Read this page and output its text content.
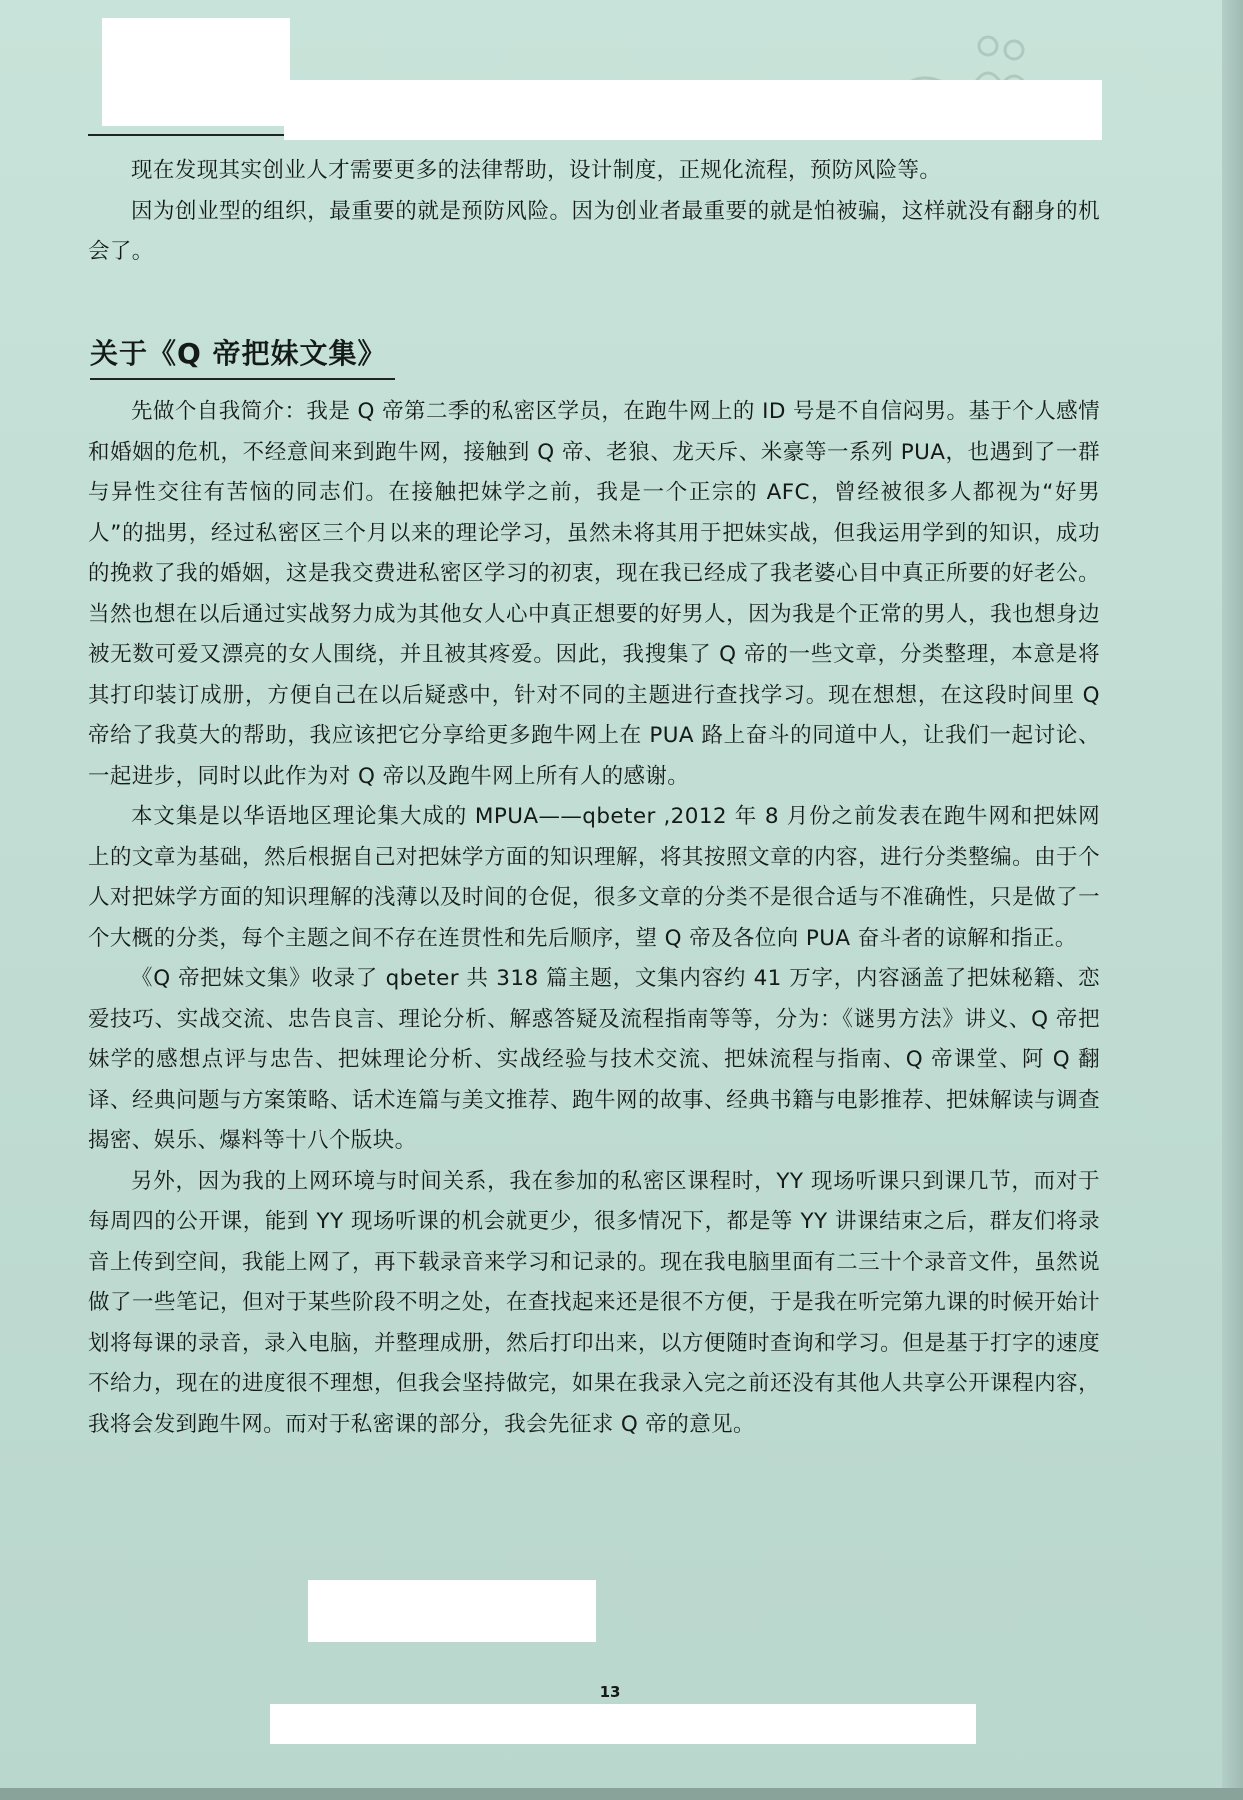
现在发现其实创业人才需要更多的法律帮助，设计制度，正规化流程，预防风险等。

因为创业型的组织，最重要的就是预防风险。因为创业者最重要的就是怕被骗，这样就没有翻身的机会了。

关于《Q 帝把妹文集》

先做个自我简介：我是 Q 帝第二季的私密区学员，在跑牛网上的 ID 号是不自信闷男。基于个人感情和婚姻的危机，不经意间来到跑牛网，接触到 Q 帝、老狼、龙天斥、米豪等一系列 PUA，也遇到了一群与异性交往有苦恼的同志们。在接触把妹学之前，我是一个正宗的 AFC，曾经被很多人都视为“好男人”的拙男，经过私密区三个月以来的理论学习，虽然未将其用于把妹实战，但我运用学到的知识，成功的挽救了我的婚姻，这是我交费进私密区学习的初衷，现在我已经成了我老婆心目中真正所要的好老公。当然也想在以后通过实战努力成为其他女人心中真正想要的好男人，因为我是个正常的男人，我也想身边被无数可爱又漂亮的女人围绕，并且被其疼爱。因此，我搜集了 Q 帝的一些文章，分类整理，本意是将其打印装订成册，方便自己在以后疑惑中，针对不同的主题进行查找学习。现在想想，在这段时间里 Q 帝给了我莫大的帮助，我应该把它分享给更多跑牛网上在 PUA 路上奋斗的同道中人，让我们一起讨论、一起进步，同时以此作为对 Q 帝以及跑牛网上所有人的感谢。

本文集是以华语地区理论集大成的 MPUA——qbeter ,2012 年 8 月份之前发表在跑牛网和把妹网上的文章为基础，然后根据自己对把妹学方面的知识理解，将其按照文章的内容，进行分类整编。由于个人对把妹学方面的知识理解的浅薄以及时间的仓促，很多文章的分类不是很合适与不准确性，只是做了一个大概的分类，每个主题之间不存在连贯性和先后顺序，望 Q 帝及各位向 PUA 奋斗者的谅解和指正。

《Q 帝把妹文集》收录了 qbeter 共 318 篇主题，文集内容约 41 万字，内容涵盖了把妹秘籍、恋爱技巧、实战交流、忠告良言、理论分析、解惑答疑及流程指南等等，分为：《谜男方法》讲义、Q 帝把妹学的感想点评与忠告、把妹理论分析、实战经验与技术交流、把妹流程与指南、Q 帝课堂、阿 Q 翻译、经典问题与方案策略、话术连篇与美文推荐、跑牛网的故事、经典书籍与电影推荐、把妹解读与调查揭密、娱乐、爆料等十八个版块。

另外，因为我的上网环境与时间关系，我在参加的私密区课程时，YY 现场听课只到课几节，而对于每周四的公开课，能到 YY 现场听课的机会就更少，很多情况下，都是等 YY 讲课结束之后，群友们将录音上传到空间，我能上网了，再下载录音来学习和记录的。现在我电脑里面有二三十个录音文件，虽然说做了一些笔记，但对于某些阶段不明之处，在查找起来还是很不方便，于是我在听完第九课的时候开始计划将每课的录音，录入电脑，并整理成册，然后打印出来，以方便随时查询和学习。但是基于打字的速度不给力，现在的进度很不理想，但我会坚持做完，如果在我录入完之前还没有其他人共享公开课程内容，我将会发到跑牛网。而对于私密课的部分，我会先征求 Q 帝的意见。

13
